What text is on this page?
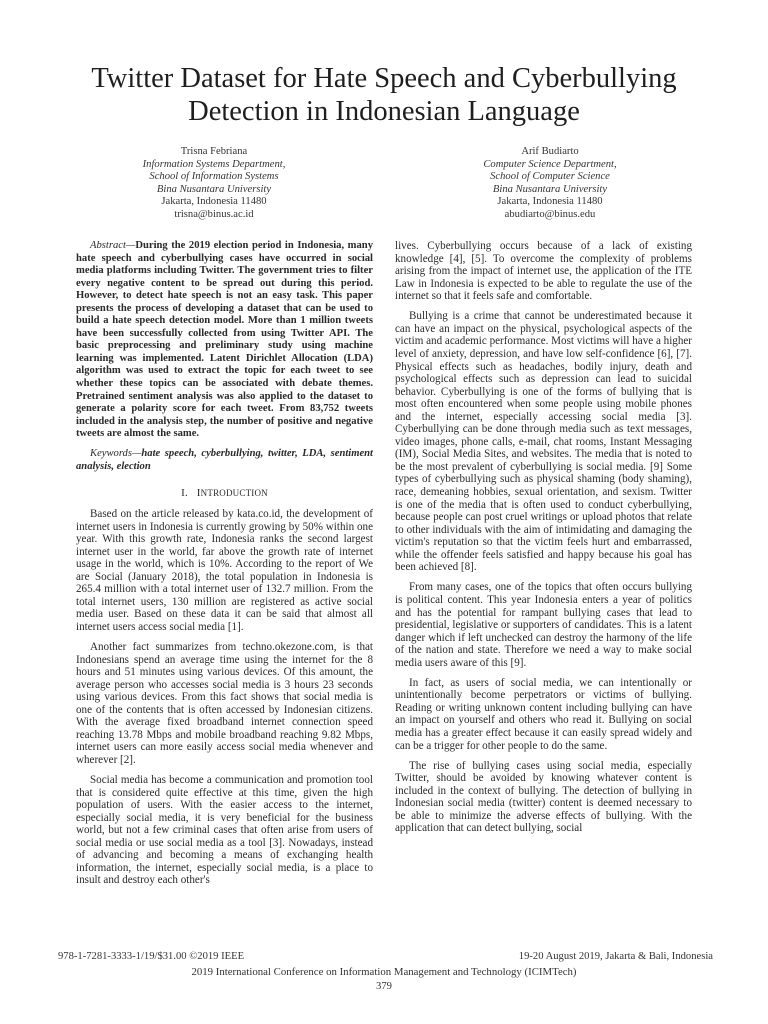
Twitter Dataset for Hate Speech and Cyberbullying
Detection in Indonesian Language
Trisna Febriana
Information Systems Department,
School of Information Systems
Bina Nusantara University
Jakarta, Indonesia 11480
trisna@binus.ac.id
Arif Budiarto
Computer Science Department,
School of Computer Science
Bina Nusantara University
Jakarta, Indonesia 11480
abudiarto@binus.edu

Abstract—During the 2019 election period in Indonesia, many hate speech and cyberbullying cases have occurred in social media platforms including Twitter. The government tries to filter every negative content to be spread out during this period. However, to detect hate speech is not an easy task. This paper presents the process of developing a dataset that can be used to build a hate speech detection model. More than 1 million tweets have been successfully collected from using Twitter API. The basic preprocessing and preliminary study using machine learning was implemented. Latent Dirichlet Allocation (LDA) algorithm was used to extract the topic for each tweet to see whether these topics can be associated with debate themes. Pretrained sentiment analysis was also applied to the dataset to generate a polarity score for each tweet. From 83,752 tweets included in the analysis step, the number of positive and negative tweets are almost the same.

Keywords—hate speech, cyberbullying, twitter, LDA, sentiment analysis, election

I. INTRODUCTION

Based on the article released by kata.co.id, the development of internet users in Indonesia is currently growing by 50% within one year. With this growth rate, Indonesia ranks the second largest internet user in the world, far above the growth rate of internet usage in the world, which is 10%. According to the report of We are Social (January 2018), the total population in Indonesia is 265.4 million with a total internet user of 132.7 million. From the total internet users, 130 million are registered as active social media user. Based on these data it can be said that almost all internet users access social media [1].

Another fact summarizes from techno.okezone.com, is that Indonesians spend an average time using the internet for the 8 hours and 51 minutes using various devices. Of this amount, the average person who accesses social media is 3 hours 23 seconds using various devices. From this fact shows that social media is one of the contents that is often accessed by Indonesian citizens. With the average fixed broadband internet connection speed reaching 13.78 Mbps and mobile broadband reaching 9.82 Mbps, internet users can more easily access social media whenever and wherever [2].

Social media has become a communication and promotion tool that is considered quite effective at this time, given the high population of users. With the easier access to the internet, especially social media, it is very beneficial for the business world, but not a few criminal cases that often arise from users of social media or use social media as a tool [3]. Nowadays, instead of advancing and becoming a means of exchanging health information, the internet, especially social media, is a place to insult and destroy each other's

lives. Cyberbullying occurs because of a lack of existing knowledge [4], [5]. To overcome the complexity of problems arising from the impact of internet use, the application of the ITE Law in Indonesia is expected to be able to regulate the use of the internet so that it feels safe and comfortable.

Bullying is a crime that cannot be underestimated because it can have an impact on the physical, psychological aspects of the victim and academic performance. Most victims will have a higher level of anxiety, depression, and have low self-confidence [6], [7]. Physical effects such as headaches, bodily injury, death and psychological effects such as depression can lead to suicidal behavior. Cyberbullying is one of the forms of bullying that is most often encountered when some people using mobile phones and the internet, especially accessing social media [3]. Cyberbullying can be done through media such as text messages, video images, phone calls, e-mail, chat rooms, Instant Messaging (IM), Social Media Sites, and websites. The media that is noted to be the most prevalent of cyberbullying is social media. [9] Some types of cyberbullying such as physical shaming (body shaming), race, demeaning hobbies, sexual orientation, and sexism. Twitter is one of the media that is often used to conduct cyberbullying, because people can post cruel writings or upload photos that relate to other individuals with the aim of intimidating and damaging the victim's reputation so that the victim feels hurt and embarrassed, while the offender feels satisfied and happy because his goal has been achieved [8].

From many cases, one of the topics that often occurs bullying is political content. This year Indonesia enters a year of politics and has the potential for rampant bullying cases that lead to presidential, legislative or supporters of candidates. This is a latent danger which if left unchecked can destroy the harmony of the life of the nation and state. Therefore we need a way to make social media users aware of this [9].

In fact, as users of social media, we can intentionally or unintentionally become perpetrators or victims of bullying. Reading or writing unknown content including bullying can have an impact on yourself and others who read it. Bullying on social media has a greater effect because it can easily spread widely and can be a trigger for other people to do the same.

The rise of bullying cases using social media, especially Twitter, should be avoided by knowing whatever content is included in the context of bullying. The detection of bullying in Indonesian social media (twitter) content is deemed necessary to be able to minimize the adverse effects of bullying. With the application that can detect bullying, social

978-1-7281-3333-1/19/$31.00 ©2019 IEEE	19-20 August 2019, Jakarta & Bali, Indonesia
2019 International Conference on Information Management and Technology (ICIMTech)
379
